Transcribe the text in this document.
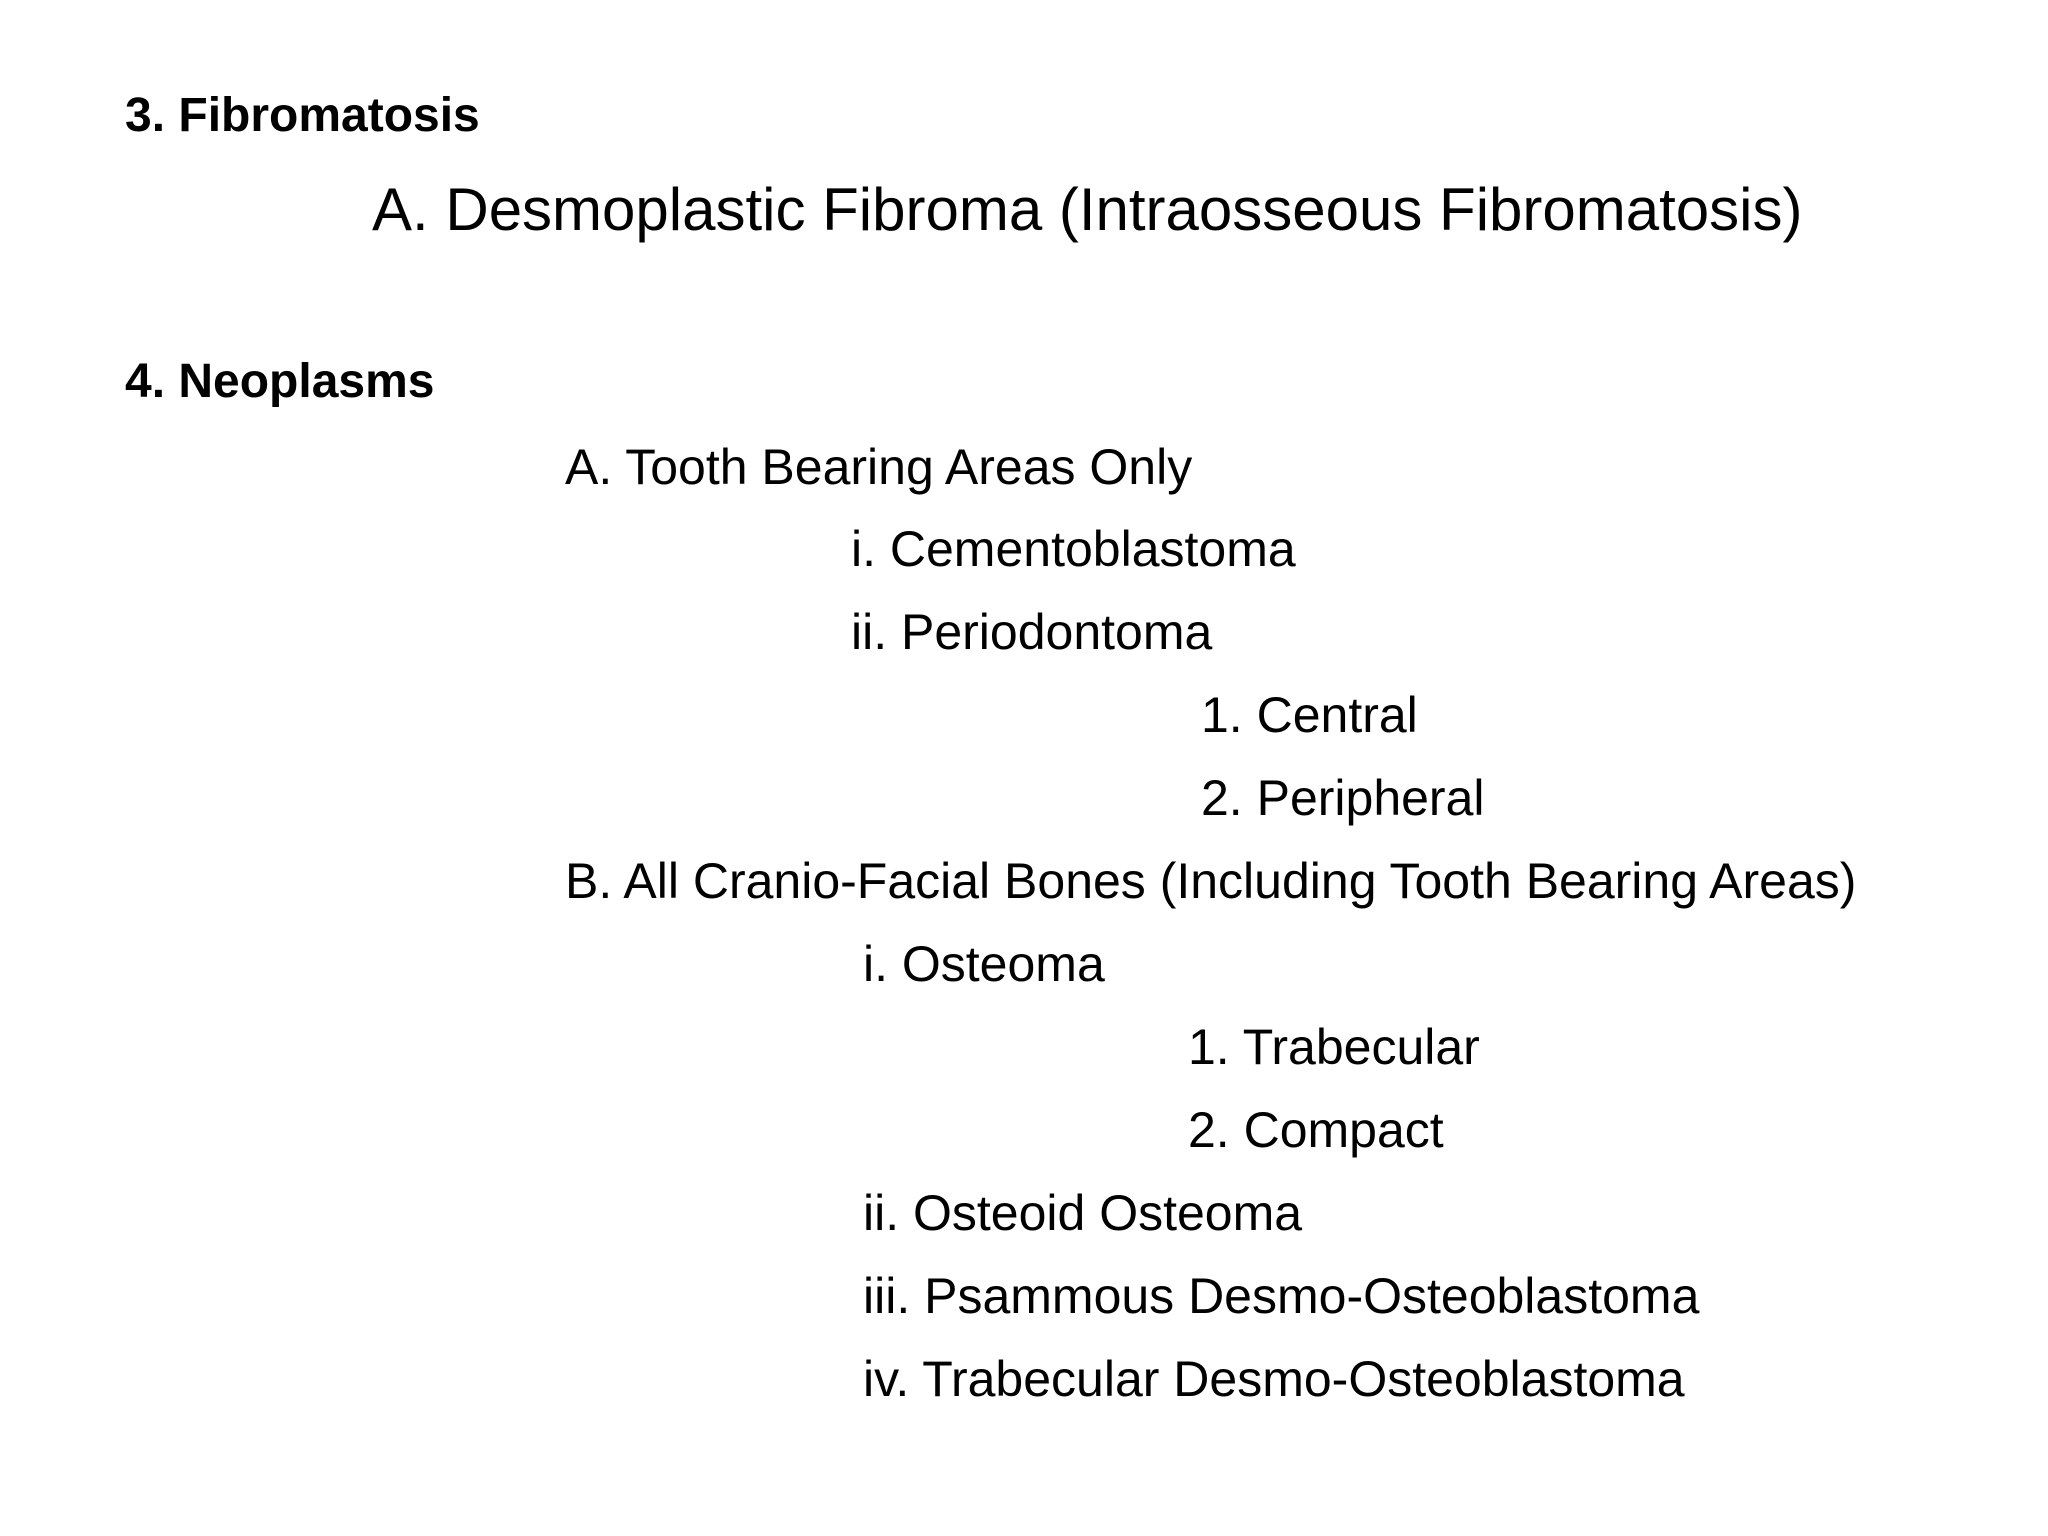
3. Fibromatosis
A. Desmoplastic Fibroma (Intraosseous Fibromatosis)
4. Neoplasms
A. Tooth Bearing Areas Only
i. Cementoblastoma
ii. Periodontoma
1. Central
2. Peripheral
B. All Cranio-Facial Bones (Including Tooth Bearing Areas)
i. Osteoma
1. Trabecular
2. Compact
ii. Osteoid Osteoma
iii. Psammous Desmo-Osteoblastoma
iv. Trabecular Desmo-Osteoblastoma
